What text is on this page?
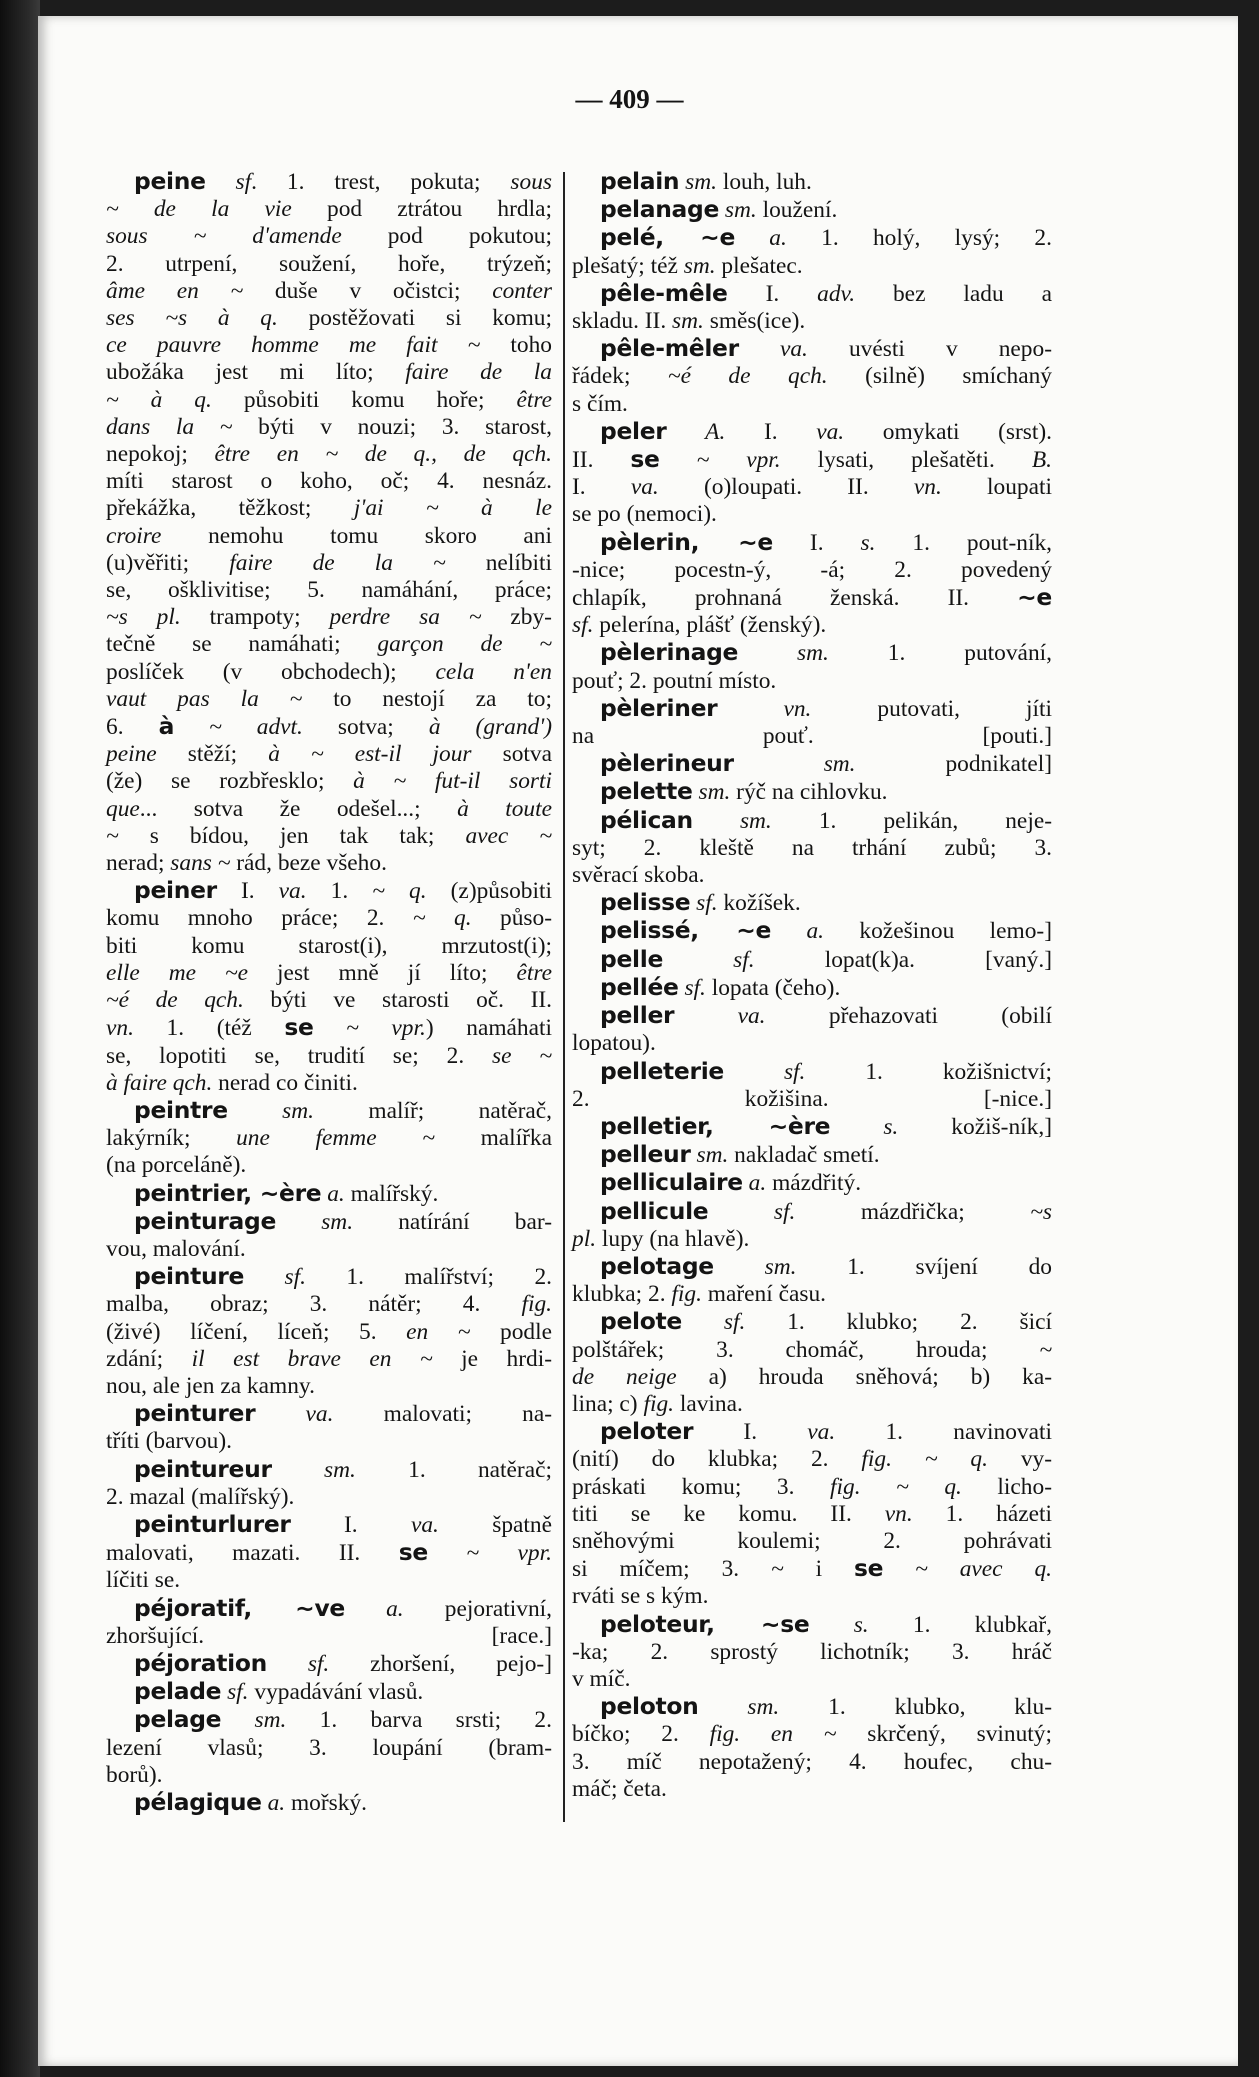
— 409 —

peine sf. 1. trest, pokuta; sous

~ de la vie pod ztrátou hrdla;

sous ~ d'amende pod pokutou;

2. utrpení, soužení, hoře, trýzeň;

âme en ~ duše v očistci; conter

ses ~s à q. postěžovati si komu;

ce pauvre homme me fait ~ toho

ubožáka jest mi líto; faire de la

~ à q. působiti komu hoře; être

dans la ~ býti v nouzi; 3. starost,

nepokoj; être en ~ de q., de qch.

míti starost o koho, oč; 4. nesnáz.

překážka, těžkost; j'ai ~ à le

croire nemohu tomu skoro ani

(u)věřiti; faire de la ~ nelíbiti

se, ošklivitise; 5. namáhání, práce;

~s pl. trampoty; perdre sa ~ zby-

tečně se namáhati; garçon de ~

poslíček (v obchodech); cela n'en

vaut pas la ~ to nestojí za to;

6. à ~ advt. sotva; à (grand')

peine stěží; à ~ est-il jour sotva

(že) se rozbřesklo; à ~ fut-il sorti

que... sotva že odešel...; à toute

~ s bídou, jen tak tak; avec ~

nerad; sans ~ rád, beze všeho.

peiner I. va. 1. ~ q. (z)působiti

komu mnoho práce; 2. ~ q. půso-

biti komu starost(i), mrzutost(i);

elle me ~e jest mně jí líto; être

~é de qch. býti ve starosti oč. II.

vn. 1. (též se ~ vpr.) namáhati

se, lopotiti se, trudití se; 2. se ~

à faire qch. nerad co činiti.

peintre sm. malíř; natěrač,

lakýrník; une femme ~ malířka

(na porceláně).

peintrier, ~ère a. malířský.

peinturage sm. natírání bar-

vou, malování.

peinture sf. 1. malířství; 2.

malba, obraz; 3. nátěr; 4. fig.

(živé) líčení, líceň; 5. en ~ podle

zdání; il est brave en ~ je hrdi-

nou, ale jen za kamny.

peinturer va. malovati; na-

tříti (barvou).

peintureur sm. 1. natěrač;

2. mazal (malířský).

peinturlurer I. va. špatně

malovati, mazati. II. se ~ vpr.

líčiti se.

péjoratif, ~ve a. pejorativní,

zhoršující. [race.]

péjoration sf. zhoršení, pejo-]

pelade sf. vypadávání vlasů.

pelage sm. 1. barva srsti; 2.

lezení vlasů; 3. loupání (bram-

borů).

pélagique a. mořský.

pelain sm. louh, luh.

pelanage sm. loužení.

pelé, ~e a. 1. holý, lysý; 2.

plešatý; též sm. plešatec.

pêle-mêle I. adv. bez ladu a

skladu. II. sm. směs(ice).

pêle-mêler va. uvésti v nepo-

řádek; ~é de qch. (silně) smíchaný

s čím.

peler A. I. va. omykati (srst).

II. se ~ vpr. lysati, plešatěti. B.

I. va. (o)loupati. II. vn. loupati

se po (nemoci).

pèlerin, ~e I. s. 1. pout-ník,

-nice; pocestn-ý, -á; 2. povedený

chlapík, prohnaná ženská. II. ~e

sf. pelerína, plášť (ženský).

pèlerinage	sm. 1. putování,

pouť; 2. poutní místo.

pèleriner	vn. putovati, jíti

na pouť. [pouti.]

pèlerineur	sm. podnikatel]

pelette sm. rýč na cihlovku.

pélican sm. 1. pelikán, neje-

syt; 2. kleště na trhání zubů; 3.

svěrací skoba.

pelisse sf. kožíšek.

pelissé, ~e a. kožešinou lemo-]

pelle	sf. lopat(k)a. [vaný.]

pellée sf. lopata (čeho).

peller	va. přehazovati (obilí

lopatou).

pelleterie	sf. 1. kožišnictví;

2. kožišina. [-nice.]

pelletier, ~ère s. kožiš-ník,]

pelleur sm. nakladač smetí.

pelliculaire a. mázdřitý.

pellicule	sf. mázdřička; ~s

pl. lupy (na hlavě).

pelotage sm. 1. svíjení do

klubka; 2. fig. maření času.

pelote sf. 1. klubko; 2. šicí

polštářek; 3. chomáč, hrouda; ~

de neige a) hrouda sněhová; b) ka-

lina; c) fig. lavina.

peloter I. va. 1. navinovati

(nití) do klubka; 2. fig. ~ q. vy-

práskati komu; 3. fig. ~ q. licho-

titi se ke komu. II. vn. 1. házeti

sněhovými koulemi; 2. pohrávati

si míčem; 3. ~ i se ~ avec q.

rváti se s kým.

peloteur, ~se s. 1. klubkař,

-ka; 2. sprostý lichotník; 3. hráč

v míč.

peloton sm. 1. klubko, klu-

bíčko; 2. fig. en ~ skrčený, svinutý;

3. míč nepotažený; 4. houfec, chu-

máč; četa.
